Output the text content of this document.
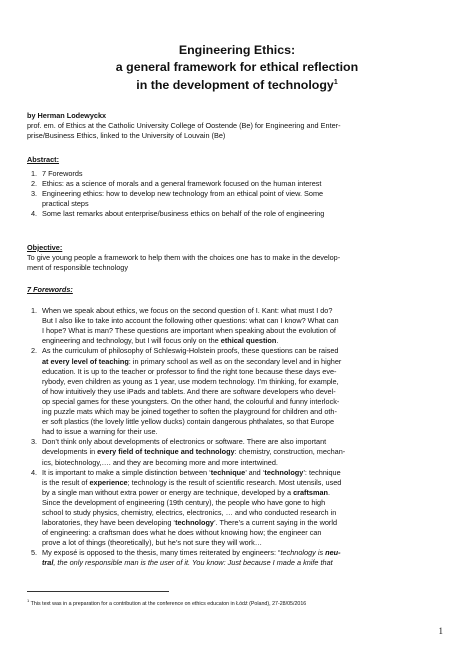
Engineering Ethics:
a general framework for ethical reflection
in the development of technology$^1$
by Herman Lodewyckx
prof. em. of Ethics at the Catholic University College of Oostende (Be) for Engineering and Enter-
prise/Business Ethics, linked to the University of Louvain (Be)
Abstract:
1. 7 Forewords
2. Ethics: as a science of morals and a general framework focused on the human interest
3. Engineering ethics: how to develop new technology from an ethical point of view. Some
practical steps
4. Some last remarks about enterprise/business ethics on behalf of the role of engineering
Objective:
To give young people a framework to help them with the choices one has to make in the develop-
ment of responsible technology
7 Forewords:
1. When we speak about ethics, we focus on the second question of I. Kant: what must I do?
But I also like to take into account the following other questions: what can I know? What can
I hope? What is man? These questions are important when speaking about the evolution of
engineering and technology, but I will focus only on the ethical question.
2. As the curriculum of philosophy of Schleswig-Holstein proofs, these questions can be raised
at every level of teaching: in primary school as well as on the secondary level and in higher
education. It is up to the teacher or professor to find the right tone because these days eve-
rybody, even children as young as 1 year, use modern technology. I’m thinking, for example,
of how intuitively they use iPads and tablets. And there are software developers who devel-
op special games for these youngsters. On the other hand, the colourful and funny interlock-
ing puzzle mats which may be joined together to soften the playground for children and oth-
er soft plastics (the lovely little yellow ducks) contain dangerous phthalates, so that Europe
had to issue a warning for their use.
3. Don’t think only about developments of electronics or software. There are also important
developments in every field of technique and technology: chemistry, construction, mechan-
ics, biotechnology,…. and they are becoming more and more intertwined.
4. It is important to make a simple distinction between ‘technique’ and ‘technology’: technique
is the result of experience; technology is the result of scientific research. Most utensils, used
by a single man without extra power or energy are technique, developed by a craftsman.
Since the development of engineering (19th century), the people who have gone to high
school to study physics, chemistry, electrics, electronics, … and who conducted research in
laboratories, they have been developing ‘technology’. There’s a current saying in the world
of engineering: a craftsman does what he does without knowing how; the engineer can
prove a lot of things (theoretically), but he’s not sure they will work…
5. My exposé is opposed to the thesis, many times reiterated by engineers: “technology is neu-
tral, the only responsible man is the user of it. You know: Just because I made a knife that
$^1$ This text was in a preparation for a contribution at the conference on ethics educaton in Łódź (Poland), 27-28/05/2016
1
